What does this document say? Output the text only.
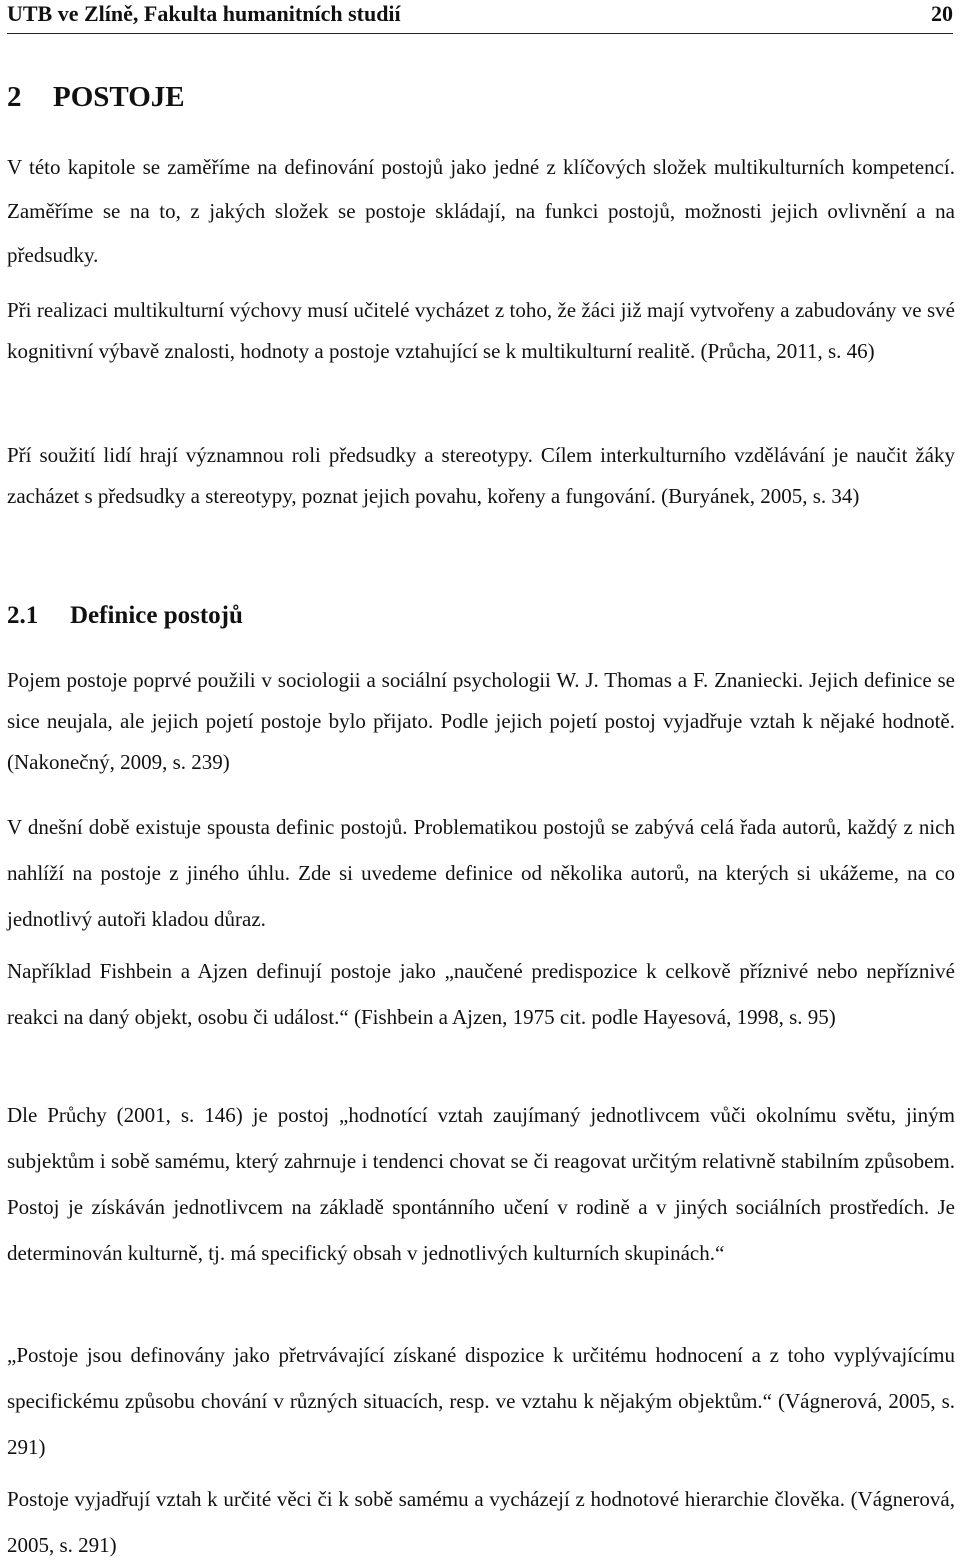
UTB ve Zlíně, Fakulta humanitních studií	20
2 POSTOJE

V této kapitole se zaměříme na definování postojů jako jedné z klíčových složek multikulturních kompetencí. Zaměříme se na to, z jakých složek se postoje skládají, na funkci postojů, možnosti jejich ovlivnění a na předsudky.

Při realizaci multikulturní výchovy musí učitelé vycházet z toho, že žáci již mají vytvořeny a zabudovány ve své kognitivní výbavě znalosti, hodnoty a postoje vztahující se k multikulturní realitě. (Průcha, 2011, s. 46)

Pří soužití lidí hrají významnou roli předsudky a stereotypy. Cílem interkulturního vzdělávání je naučit žáky zacházet s předsudky a stereotypy, poznat jejich povahu, kořeny a fungování. (Buryánek, 2005, s. 34)

2.1 Definice postojů

Pojem postoje poprvé použili v sociologii a sociální psychologii W. J. Thomas a F. Znaniecki. Jejich definice se sice neujala, ale jejich pojetí postoje bylo přijato. Podle jejich pojetí postoj vyjadřuje vztah k nějaké hodnotě. (Nakonečný, 2009, s. 239)

V dnešní době existuje spousta definic postojů. Problematikou postojů se zabývá celá řada autorů, každý z nich nahlíží na postoje z jiného úhlu. Zde si uvedeme definice od několika autorů, na kterých si ukážeme, na co jednotlivý autoři kladou důraz.

Například Fishbein a Ajzen definují postoje jako „naučené predispozice k celkově příznivé nebo nepříznivé reakci na daný objekt, osobu či událost.“ (Fishbein a Ajzen, 1975 cit. podle Hayesová, 1998, s. 95)

Dle Průchy (2001, s. 146) je postoj „hodnotící vztah zaujímaný jednotlivcem vůči okolnímu světu, jiným subjektům i sobě samému, který zahrnuje i tendenci chovat se či reagovat určitým relativně stabilním způsobem. Postoj je získáván jednotlivcem na základě spontánního učení v rodině a v jiných sociálních prostředích. Je determinován kulturně, tj. má specifický obsah v jednotlivých kulturních skupinách.“

„Postoje jsou definovány jako přetrvávající získané dispozice k určitému hodnocení a z toho vyplývajícímu specifickému způsobu chování v různých situacích, resp. ve vztahu k nějakým objektům.“ (Vágnerová, 2005, s. 291)

Postoje vyjadřují vztah k určité věci či k sobě samému a vycházejí z hodnotové hierarchie člověka. (Vágnerová, 2005, s. 291)
